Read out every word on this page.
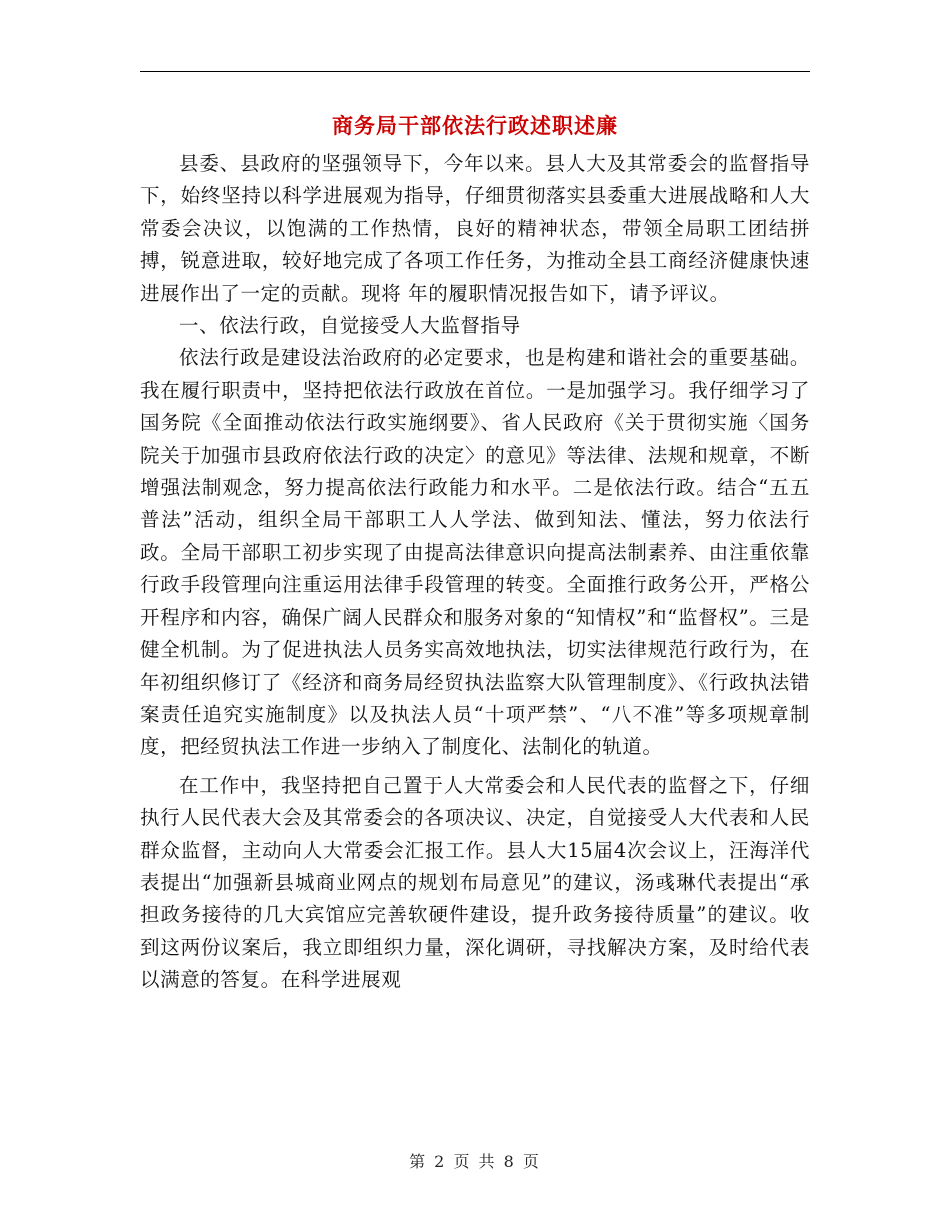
商务局干部依法行政述职述廉

县委、县政府的坚强领导下，今年以来。县人大及其常委会的监督指导下，始终坚持以科学进展观为指导，仔细贯彻落实县委重大进展战略和人大常委会决议，以饱满的工作热情，良好的精神状态，带领全局职工团结拼搏，锐意进取，较好地完成了各项工作任务，为推动全县工商经济健康快速进展作出了一定的贡献。现将 年的履职情况报告如下，请予评议。

一、依法行政，自觉接受人大监督指导

依法行政是建设法治政府的必定要求，也是构建和谐社会的重要基础。我在履行职责中，坚持把依法行政放在首位。一是加强学习。我仔细学习了国务院《全面推动依法行政实施纲要》、省人民政府《关于贯彻实施〈国务院关于加强市县政府依法行政的决定〉的意见》等法律、法规和规章，不断增强法制观念，努力提高依法行政能力和水平。二是依法行政。结合“五五普法”活动，组织全局干部职工人人学法、做到知法、懂法，努力依法行政。全局干部职工初步实现了由提高法律意识向提高法制素养、由注重依靠行政手段管理向注重运用法律手段管理的转变。全面推行政务公开，严格公开程序和内容，确保广阔人民群众和服务对象的“知情权”和“监督权”。三是健全机制。为了促进执法人员务实高效地执法，切实法律规范行政行为，在年初组织修订了《经济和商务局经贸执法监察大队管理制度》、《行政执法错案责任追究实施制度》以及执法人员“十项严禁”、“八不准”等多项规章制度，把经贸执法工作进一步纳入了制度化、法制化的轨道。

在工作中，我坚持把自己置于人大常委会和人民代表的监督之下，仔细执行人民代表大会及其常委会的各项决议、决定，自觉接受人大代表和人民群众监督，主动向人大常委会汇报工作。县人大15届4次会议上，汪海洋代表提出“加强新县城商业网点的规划布局意见”的建议，汤彧琳代表提出“承担政务接待的几大宾馆应完善软硬件建设，提升政务接待质量”的建议。收到这两份议案后，我立即组织力量，深化调研，寻找解决方案，及时给代表以满意的答复。在科学进展观

第 2 页 共 8 页
